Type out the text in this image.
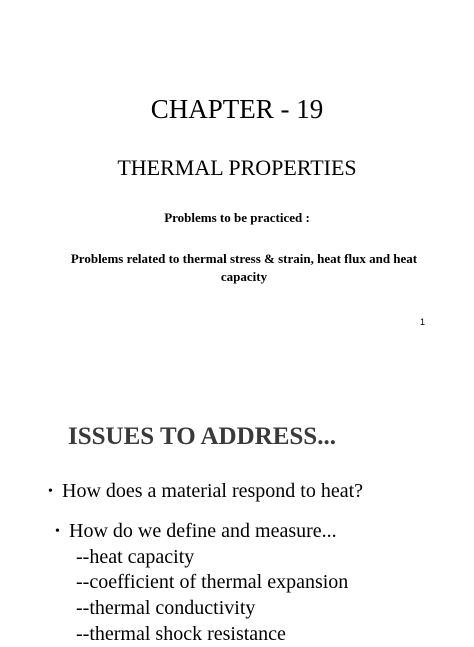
CHAPTER - 19
THERMAL PROPERTIES
Problems to be practiced :
Problems related to thermal stress & strain, heat flux and heat capacity
1
ISSUES TO ADDRESS...
• How does a material respond to heat?
• How do we define and measure...
--heat capacity
--coefficient of thermal expansion
--thermal conductivity
--thermal shock resistance
